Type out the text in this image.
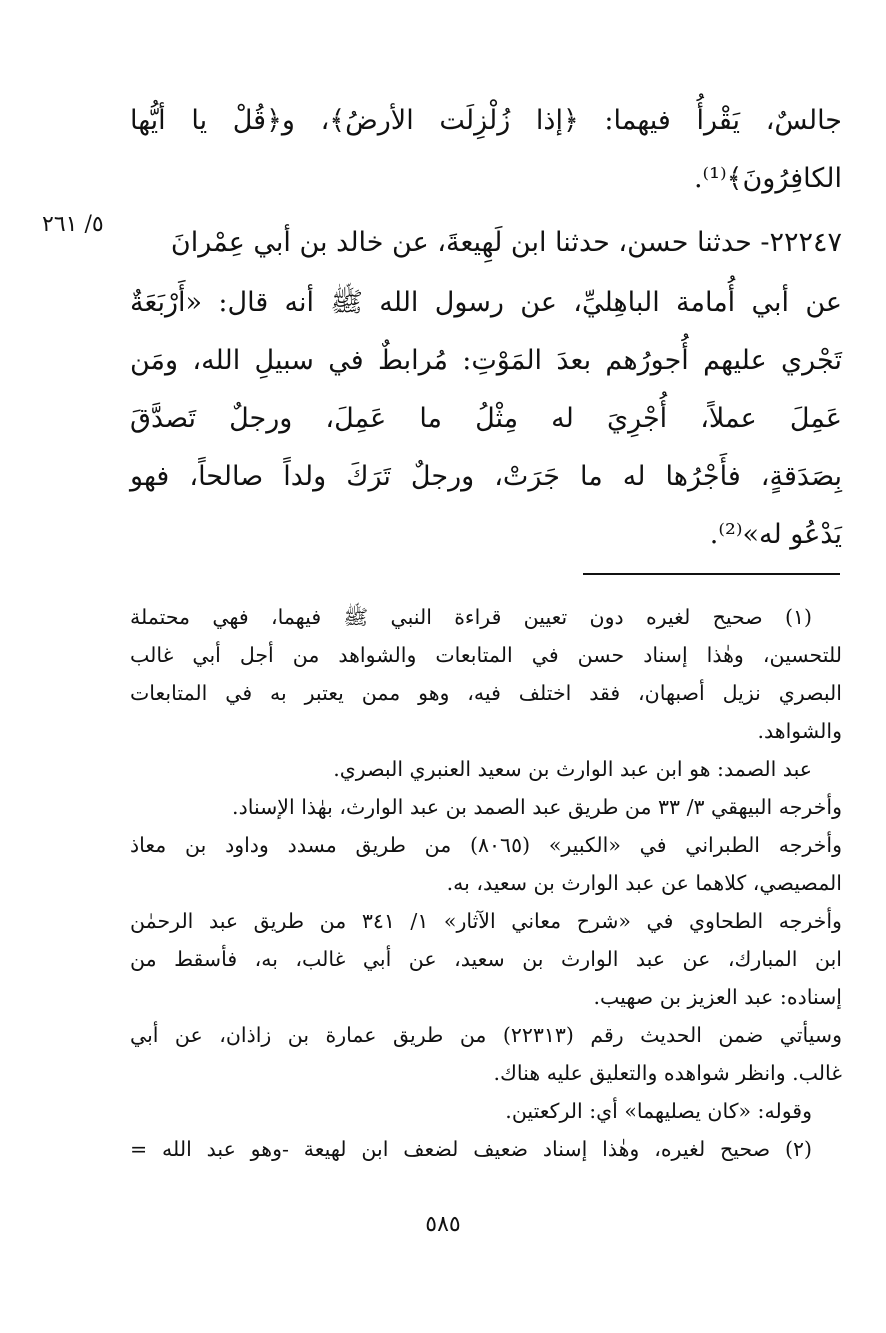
جالسٌ، يَقْرأُ فيهما: ﴿إذا زُلْزِلَت الأرضُ﴾، و﴿قُلْ يا أيُّها
الكافِرُونَ﴾⁽¹⁾.
٢٢٢٤٧- حدثنا حسن، حدثنا ابن لَهِيعةَ، عن خالد بن أبي عِمْرانَ
٥/ ٢٦١
عن أبي أُمامة الباهِليِّ، عن رسول الله ﷺ أنه قال: «أَرْبَعَةٌ
تَجْري عليهم أُجورُهم بعدَ المَوْتِ: مُرابطٌ في سبيلِ الله، ومَن
عَمِلَ عملاً، أُجْرِيَ له مِثْلُ ما عَمِلَ، ورجلٌ تَصدَّقَ
بِصَدَقةٍ، فأَجْرُها له ما جَرَتْ، ورجلٌ تَرَكَ ولداً صالحاً، فهو
يَدْعُو له»⁽²⁾.
(١) صحيح لغيره دون تعيين قراءة النبي ﷺ فيهما، فهي محتملة
للتحسين، وهٰذا إسناد حسن في المتابعات والشواهد من أجل أبي غالب
البصري نزيل أصبهان، فقد اختلف فيه، وهو ممن يعتبر به في المتابعات
والشواهد.
عبد الصمد: هو ابن عبد الوارث بن سعيد العنبري البصري.
وأخرجه البيهقي ٣/ ٣٣ من طريق عبد الصمد بن عبد الوارث، بهٰذا الإسناد.
وأخرجه الطبراني في «الكبير» (٨٠٦٥) من طريق مسدد وداود بن معاذ
المصيصي، كلاهما عن عبد الوارث بن سعيد، به.
وأخرجه الطحاوي في «شرح معاني الآثار» ١/ ٣٤١ من طريق عبد الرحمٰن
ابن المبارك، عن عبد الوارث بن سعيد، عن أبي غالب، به، فأسقط من
إسناده: عبد العزيز بن صهيب.
وسيأتي ضمن الحديث رقم (٢٢٣١٣) من طريق عمارة بن زاذان، عن أبي
غالب. وانظر شواهده والتعليق عليه هناك.
وقوله: «كان يصليهما» أي: الركعتين.
(٢) صحيح لغيره، وهٰذا إسناد ضعيف لضعف ابن لهيعة -وهو عبد الله =
٥٨٥
